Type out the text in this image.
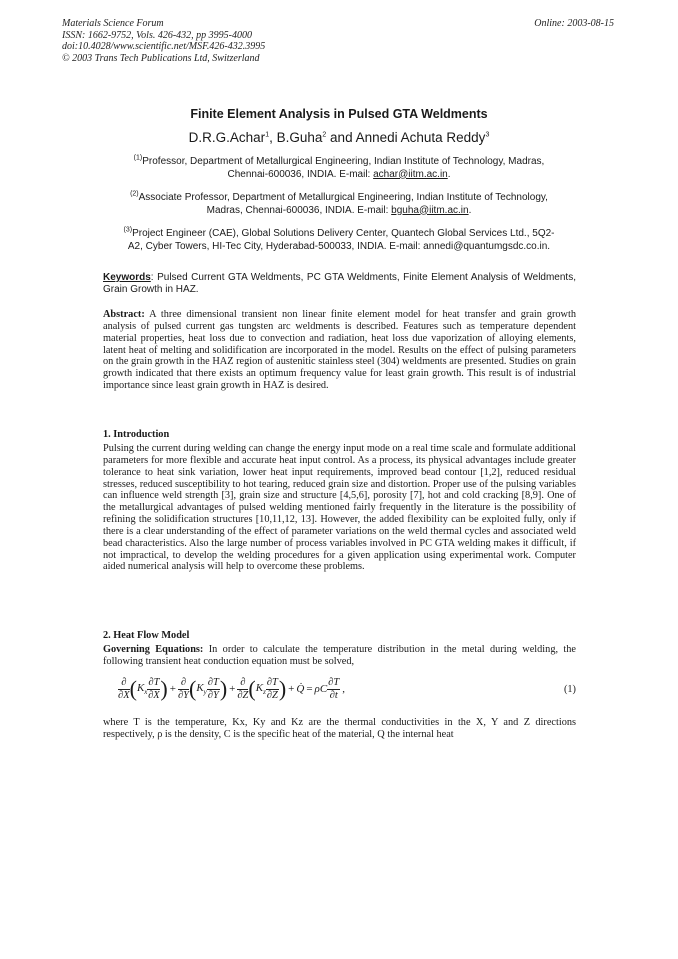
Materials Science Forum
ISSN: 1662-9752, Vols. 426-432, pp 3995-4000
doi:10.4028/www.scientific.net/MSF.426-432.3995
© 2003 Trans Tech Publications Ltd, Switzerland
Online: 2003-08-15
Finite Element Analysis in Pulsed GTA Weldments
D.R.G.Achar$^1$, B.Guha$^2$ and Annedi Achuta Reddy$^3$
$^{(1)}$Professor, Department of Metallurgical Engineering, Indian Institute of Technology, Madras,
Chennai-600036, INDIA. E-mail: achar@iitm.ac.in.
$^{(2)}$Associate Professor, Department of Metallurgical Engineering, Indian Institute of Technology,
Madras, Chennai-600036, INDIA. E-mail: bguha@iitm.ac.in.
$^{(3)}$Project Engineer (CAE), Global Solutions Delivery Center, Quantech Global Services Ltd., 5Q2-
A2, Cyber Towers, HI-Tec City, Hyderabad-500033, INDIA. E-mail: annedi@quantumgsdc.co.in.
Keywords: Pulsed Current GTA Weldments, PC GTA Weldments, Finite Element Analysis of Weldments, Grain Growth in HAZ.
Abstract: A three dimensional transient non linear finite element model for heat transfer and grain growth analysis of pulsed current gas tungsten arc weldments is described. Features such as temperature dependent material properties, heat loss due to convection and radiation, heat loss due vaporization of alloying elements, latent heat of melting and solidification are incorporated in the model. Results on the effect of pulsing parameters on the grain growth in the HAZ region of austenitic stainless steel (304) weldments are presented. Studies on grain growth indicated that there exists an optimum frequency value for least grain growth. This result is of industrial importance since least grain growth in HAZ is desired.
1. Introduction
Pulsing the current during welding can change the energy input mode on a real time scale and formulate additional parameters for more flexible and accurate heat input control. As a process, its physical advantages include greater tolerance to heat sink variation, lower heat input requirements, improved bead contour [1,2], reduced residual stresses, reduced susceptibility to hot tearing, reduced grain size and distortion. Proper use of the pulsing variables can influence weld strength [3], grain size and structure [4,5,6], porosity [7], hot and cold cracking [8,9]. One of the metallurgical advantages of pulsed welding mentioned fairly frequently in the literature is the possibility of refining the solidification structures [10,11,12, 13]. However, the added flexibility can be exploited fully, only if there is a clear understanding of the effect of parameter variations on the weld thermal cycles and associated weld bead characteristics. Also the large number of process variables involved in PC GTA welding makes it difficult, if not impractical, to develop the welding procedures for a given application using experimental work. Computer aided numerical analysis will help to overcome these problems.
2. Heat Flow Model
Governing Equations: In order to calculate the temperature distribution in the metal during welding, the following transient heat conduction equation must be solved,
$\frac{\partial}{\partial X} (K_x \frac{\partial T}{\partial X}$ ) + $\frac{\partial}{\partial Y} (K_y \frac{\partial T}{\partial Y}$ ) + $\frac{\partial}{\partial Z} (K_z \frac{\partial T}{\partial Z}$ ) + Q̇ = ρC $\frac{\partial T}{\partial t}$ ,	(1)
where T is the temperature, Kx, Ky and Kz are the thermal conductivities in the X, Y and Z directions respectively, ρ is the density, C is the specific heat of the material, Q the internal heat
